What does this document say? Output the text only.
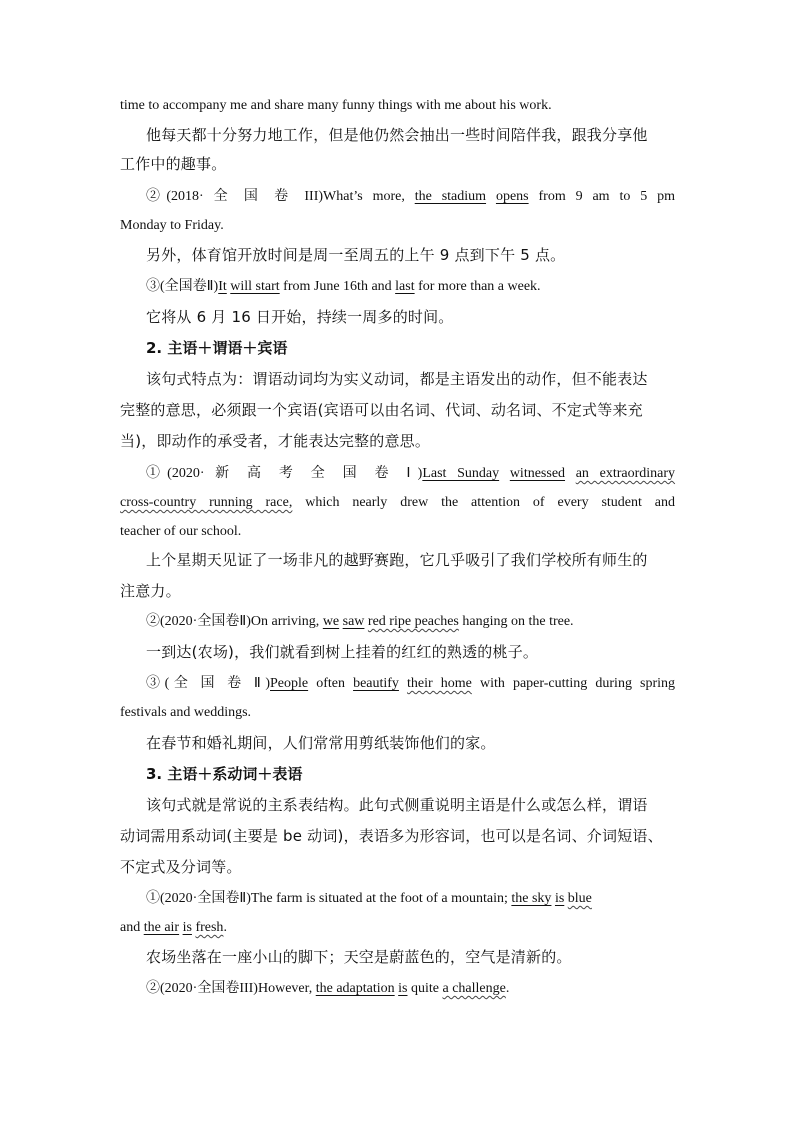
time to accompany me and share many funny things with me about his work.
他每天都十分努力地工作，但是他仍然会抽出一些时间陪伴我，跟我分享他
工作中的趣事。
②(2018· 全 国 卷 III)What’s more, the stadium opens from 9 am to 5 pm
Monday to Friday.
另外，体育馆开放时间是周一至周五的上午 9 点到下午 5 点。
③(全国卷Ⅱ)It will start from June 16th and last for more than a week.
它将从 6 月 16 日开始，持续一周多的时间。
2. 主语＋谓语＋宾语
该句式特点为：谓语动词均为实义动词，都是主语发出的动作，但不能表达
完整的意思，必须跟一个宾语(宾语可以由名词、代词、动名词、不定式等来充
当)，即动作的承受者，才能表达完整的意思。
①(2020· 新 高 考 全 国 卷 Ⅰ)Last Sunday witnessed an extraordinary
cross-country running race, which nearly drew the attention of every student and
teacher of our school.
上个星期天见证了一场非凡的越野赛跑，它几乎吸引了我们学校所有师生的
注意力。
②(2020·全国卷Ⅱ)On arriving, we saw red ripe peaches hanging on the tree.
一到达(农场)，我们就看到树上挂着的红红的熟透的桃子。
③(全 国 卷 Ⅱ)People often beautify their home with paper-cutting during spring
festivals and weddings.
在春节和婚礼期间，人们常常用剪纸装饰他们的家。
3. 主语＋系动词＋表语
该句式就是常说的主系表结构。此句式侧重说明主语是什么或怎么样，谓语
动词需用系动词(主要是 be 动词)，表语多为形容词，也可以是名词、介词短语、
不定式及分词等。
①(2020·全国卷Ⅱ)The farm is situated at the foot of a mountain; the sky is blue
and the air is fresh.
农场坐落在一座小山的脚下；天空是蔚蓝色的，空气是清新的。
②(2020·全国卷III)However, the adaptation is quite a challenge.
